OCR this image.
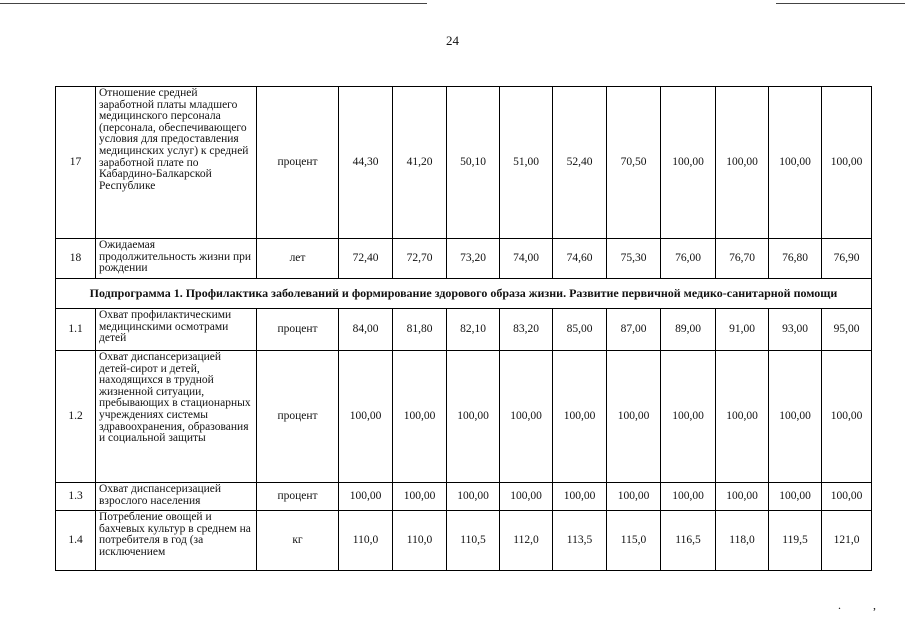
24
17	Отношение средней заработной платы младшего медицинского персонала (персонала, обеспечивающего условия для предоставления медицинских услуг) к средней заработной плате по Кабардино-Балкарской Республике	процент	44,30	41,20	50,10	51,00	52,40	70,50	100,00	100,00	100,00	100,00
18	Ожидаемая продолжительность жизни при рождении	лет	72,40	72,70	73,20	74,00	74,60	75,30	76,00	76,70	76,80	76,90
Подпрограмма 1. Профилактика заболеваний и формирование здорового образа жизни. Развитие первичной медико-санитарной помощи												
1.1	Охват профилактическими медицинскими осмотрами детей	процент	84,00	81,80	82,10	83,20	85,00	87,00	89,00	91,00	93,00	95,00
1.2	Охват диспансеризацией детей-сирот и детей, находящихся в трудной жизненной ситуации, пребывающих в стационарных учреждениях системы здравоохранения, образования и социальной защиты	процент	100,00	100,00	100,00	100,00	100,00	100,00	100,00	100,00	100,00	100,00
1.3	Охват диспансеризацией взрослого населения	процент	100,00	100,00	100,00	100,00	100,00	100,00	100,00	100,00	100,00	100,00
1.4	Потребление овощей и бахчевых культур в среднем на потребителя в год (за исключением	кг	110,0	110,0	110,5	112,0	113,5	115,0	116,5	118,0	119,5	121,0
.	,
